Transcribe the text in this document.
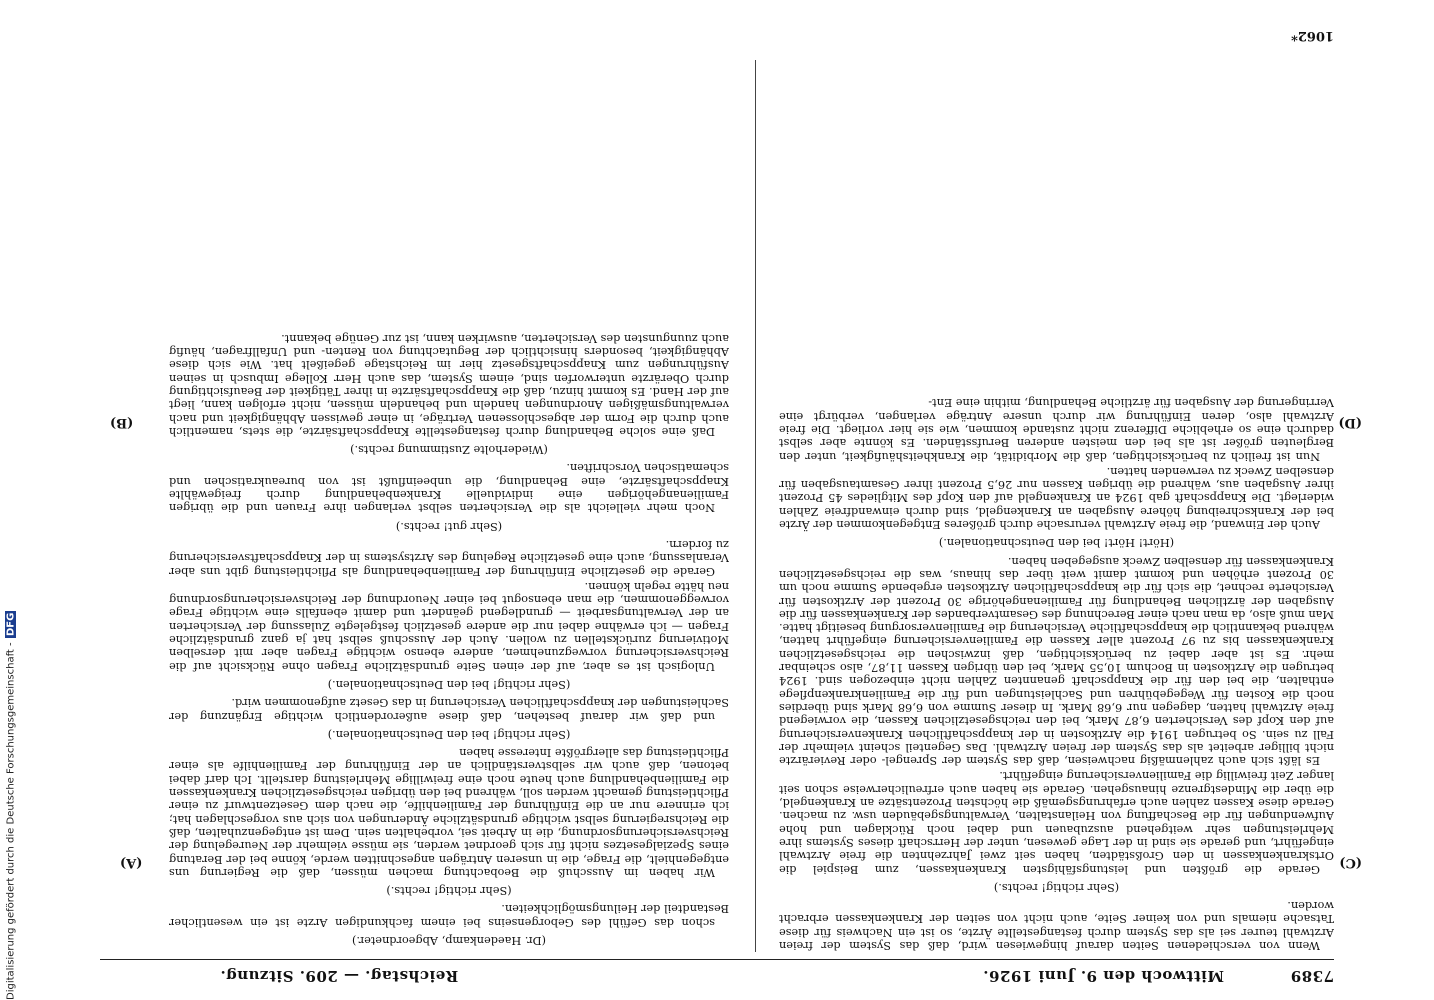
Digitalisierung gefördert durch die Deutsche Forschungsgemeinschaft -
DFG
7389
Mittwoch den 9. Juni 1926.
Reichstag. — 209. Sitzung.

Wenn von verschiedenen Seiten darauf hingewiesen wird, daß das System der freien Arztwahl teurer sei als das System durch festangestellte Ärzte, so ist ein Nachweis für diese Tatsache niemals und von keiner Seite, auch nicht von seiten der Krankenkassen erbracht worden.

(Sehr richtig! rechts.)

Gerade die größten und leistungsfähigsten Krankenkassen, zum Beispiel die Ortskrankenkassen in den Großstädten, haben seit zwei Jahrzehnten die freie Arztwahl eingeführt, und gerade sie sind in der Lage gewesen, unter der Herrschaft dieses Systems ihre Mehrleistungen sehr weitgehend auszubauen und dabei noch Rücklagen und hohe Aufwendungen für die Beschaffung von Heilanstalten, Verwaltungsgebäuden usw. zu machen. Gerade diese Kassen zahlen auch erfahrungsgemäß die höchsten Prozentsätze an Krankengeld, die über die Mindestgrenze hinausgehen. Gerade sie haben auch erfreulicherweise schon seit langer Zeit freiwillig die Familienversicherung eingeführt.

Es läßt sich auch zahlenmäßig nachweisen, daß das System der Sprengel- oder Revierärzte nicht billiger arbeitet als das System der freien Arztwahl. Das Gegenteil scheint vielmehr der Fall zu sein. So betrugen 1914 die Arztkosten in der knappschaftlichen Krankenversicherung auf den Kopf des Versicherten 6,87 Mark, bei den reichsgesetzlichen Kassen, die vorwiegend freie Arztwahl hatten, dagegen nur 6,68 Mark. In dieser Summe von 6,68 Mark sind überdies noch die Kosten für Wegegebühren und Sachleistungen und für die Familienkrankenpflege enthalten, die bei den für die Knappschaft genannten Zahlen nicht einbezogen sind. 1924 betrugen die Arztkosten in Bochum 10,55 Mark, bei den übrigen Kassen 11,87, also scheinbar mehr. Es ist aber dabei zu berücksichtigen, daß inzwischen die reichsgesetzlichen Krankenkassen bis zu 97 Prozent aller Kassen die Familienversicherung eingeführt hatten, während bekanntlich die knappschaftliche Versicherung die Familienversorgung beseitigt hatte. Man muß also, da man nach einer Berechnung des Gesamtverbandes der Krankenkassen für die Ausgaben der ärztlichen Behandlung für Familienangehörige 30 Prozent der Arztkosten für Versicherte rechnet, die sich für die knappschaftlichen Arztkosten ergebende Summe noch um 30 Prozent erhöhen und kommt damit weit über das hinaus, was die reichsgesetzlichen Krankenkassen für denselben Zweck ausgegeben haben.

(Hört! Hört! bei den Deutschnationalen.)

Auch der Einwand, die freie Arztwahl verursache durch größeres Entgegenkommen der Ärzte bei der Krankschreibung höhere Ausgaben an Krankengeld, sind durch einwandfreie Zahlen widerlegt. Die Knappschaft gab 1924 an Krankengeld auf den Kopf des Mitgliedes 45 Prozent ihrer Ausgaben aus, während die übrigen Kassen nur 26,5 Prozent ihrer Gesamtausgaben für denselben Zweck zu verwenden hatten.

Nun ist freilich zu berücksichtigen, daß die Morbidität, die Krankheitshäufigkeit, unter den Bergleuten größer ist als bei den meisten anderen Berufsständen. Es könnte aber selbst dadurch eine so erhebliche Differenz nicht zustande kommen, wie sie hier vorliegt. Die freie Arztwahl also, deren Einführung wir durch unsere Anträge verlangen, verbürgt eine Verringerung der Ausgaben für ärztliche Behandlung, mithin eine Ent-

(Dr. Haedenkamp, Abgeordneter.)

schon das Gefühl des Geborgenseins bei einem fachkundigen Arzte ist ein wesentlicher Bestandteil der Heilungsmöglichkeiten.

(Sehr richtig! rechts.)

Wir haben im Ausschuß die Beobachtung machen müssen, daß die Regierung uns entgegenhielt, die Frage, die in unseren Anträgen angeschnitten werde, könne bei der Beratung eines Spezialgesetzes nicht für sich geordnet werden, sie müsse vielmehr der Neuregelung der Reichsversicherungsordnung, die in Arbeit sei, vorbehalten sein. Dem ist entgegenzuhalten, daß die Reichsregierung selbst wichtige grundsätzliche Änderungen von sich aus vorgeschlagen hat; ich erinnere nur an die Einführung der Familienhilfe, die nach dem Gesetzentwurf zu einer Pflichtleistung gemacht werden soll, während bei den übrigen reichsgesetzlichen Krankenkassen die Familienbehandlung auch heute noch eine freiwillige Mehrleistung darstellt. Ich darf dabei betonen, daß auch wir selbstverständlich an der Einführung der Familienhilfe als einer Pflichtleistung das allergrößte Interesse haben

(Sehr richtig! bei den Deutschnationalen.)

und daß wir darauf bestehen, daß diese außerordentlich wichtige Ergänzung der Sachleistungen der knappschaftlichen Versicherung in das Gesetz aufgenommen wird.

(Sehr richtig! bei den Deutschnationalen.)

Unlogisch ist es aber, auf der einen Seite grundsätzliche Fragen ohne Rücksicht auf die Reichsversicherung vorwegzunehmen, andere ebenso wichtige Fragen aber mit derselben Motivierung zurückstellen zu wollen. Auch der Ausschuß selbst hat ja ganz grundsätzliche Fragen — ich erwähne dabei nur die andere gesetzlich festgelegte Zulassung der Versicherten an der Verwaltungsarbeit — grundlegend geändert und damit ebenfalls eine wichtige Frage vorweggenommen, die man ebensogut bei einer Neuordnung der Reichsversicherungsordnung neu hätte regeln können.

Gerade die gesetzliche Einführung der Familienbehandlung als Pflichtleistung gibt uns aber Veranlassung, auch eine gesetzliche Regelung des Arztsystems in der Knappschaftsversicherung zu fordern.

(Sehr gut! rechts.)

Noch mehr vielleicht als die Versicherten selbst verlangen ihre Frauen und die übrigen Familienangehörigen eine individuelle Krankenbehandlung durch freigewählte Knappschaftsärzte, eine Behandlung, die unbeeinflußt ist von bureaukratischen und schematischen Vorschriften.

(Wiederholte Zustimmung rechts.)

Daß eine solche Behandlung durch festangestellte Knappschaftsärzte, die stets, namentlich auch durch die Form der abgeschlossenen Verträge, in einer gewissen Abhängigkeit und nach verwaltungsmäßigen Anordnungen handeln und behandeln müssen, nicht erfolgen kann, liegt auf der Hand. Es kommt hinzu, daß die Knappschaftsärzte in ihrer Tätigkeit der Beaufsichtigung durch Oberärzte unterworfen sind, einem System, das auch Herr Kollege Imbusch in seinen Ausführungen zum Knappschaftsgesetz hier im Reichstage gegeißelt hat. Wie sich diese Abhängigkeit, besonders hinsichtlich der Begutachtung von Renten- und Unfallfragen, häufig auch zuungunsten des Versicherten, auswirken kann, ist zur Genüge bekannt.

(C)
(D)
(A)
(B)
1062*
